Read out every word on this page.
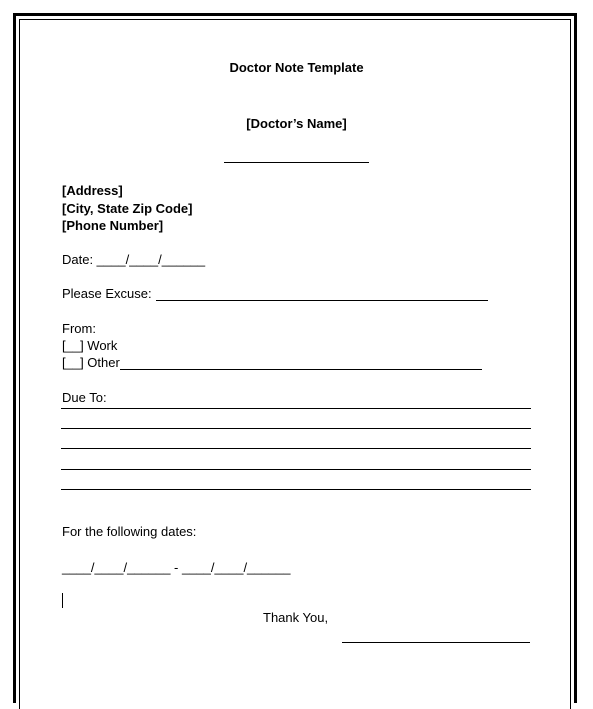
Doctor Note Template
[Doctor’s Name]
[Address]
[City, State Zip Code]
[Phone Number]
Date: ____/____/______
Please Excuse:
From:
[__] Work
[__] Other
Due To:
For the following dates:
____/____/______ - ____/____/______
Thank You,
